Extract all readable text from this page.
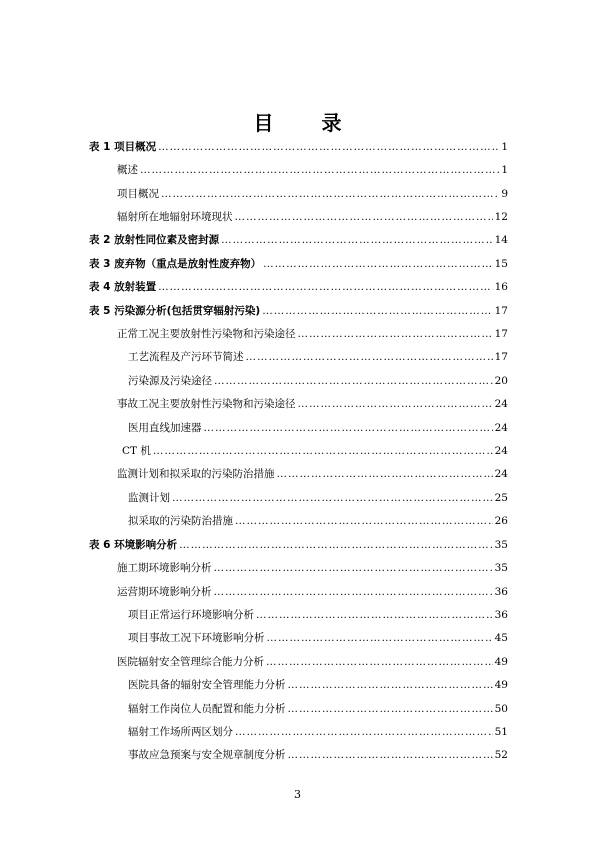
目 录
表 1 项目概况 ……………………………………………………………………………………………………………………………………………………	1
概述 ……………………………………………………………………………………………………………………………………………………	1
项目概况 ……………………………………………………………………………………………………………………………………………………	9
辐射所在地辐射环境现状 ……………………………………………………………………………………………………………………………………………………	12
表 2 放射性同位素及密封源 ……………………………………………………………………………………………………………………………………………………	14
表 3 废弃物（重点是放射性废弃物） ……………………………………………………………………………………………………………………………………………………	15
表 4 放射装置 ……………………………………………………………………………………………………………………………………………………	16
表 5 污染源分析(包括贯穿辐射污染) ……………………………………………………………………………………………………………………………………………………	17
正常工况主要放射性污染物和污染途径 ……………………………………………………………………………………………………………………………………………………	17
工艺流程及产污环节简述 ……………………………………………………………………………………………………………………………………………………	17
污染源及污染途径 ……………………………………………………………………………………………………………………………………………………	20
事故工况主要放射性污染物和污染途径 ……………………………………………………………………………………………………………………………………………………	24
医用直线加速器 ……………………………………………………………………………………………………………………………………………………	24
CT 机 ……………………………………………………………………………………………………………………………………………………	24
监测计划和拟采取的污染防治措施 ……………………………………………………………………………………………………………………………………………………	24
监测计划 ……………………………………………………………………………………………………………………………………………………	25
拟采取的污染防治措施 ……………………………………………………………………………………………………………………………………………………	26
表 6 环境影响分析 ……………………………………………………………………………………………………………………………………………………	35
施工期环境影响分析 ……………………………………………………………………………………………………………………………………………………	35
运营期环境影响分析 ……………………………………………………………………………………………………………………………………………………	36
项目正常运行环境影响分析 ……………………………………………………………………………………………………………………………………………………	36
项目事故工况下环境影响分析 ……………………………………………………………………………………………………………………………………………………	45
医院辐射安全管理综合能力分析 ……………………………………………………………………………………………………………………………………………………	49
医院具备的辐射安全管理能力分析 ……………………………………………………………………………………………………………………………………………………	49
辐射工作岗位人员配置和能力分析 ……………………………………………………………………………………………………………………………………………………	50
辐射工作场所两区划分 ……………………………………………………………………………………………………………………………………………………	51
事故应急预案与安全规章制度分析 ……………………………………………………………………………………………………………………………………………………	52
3
